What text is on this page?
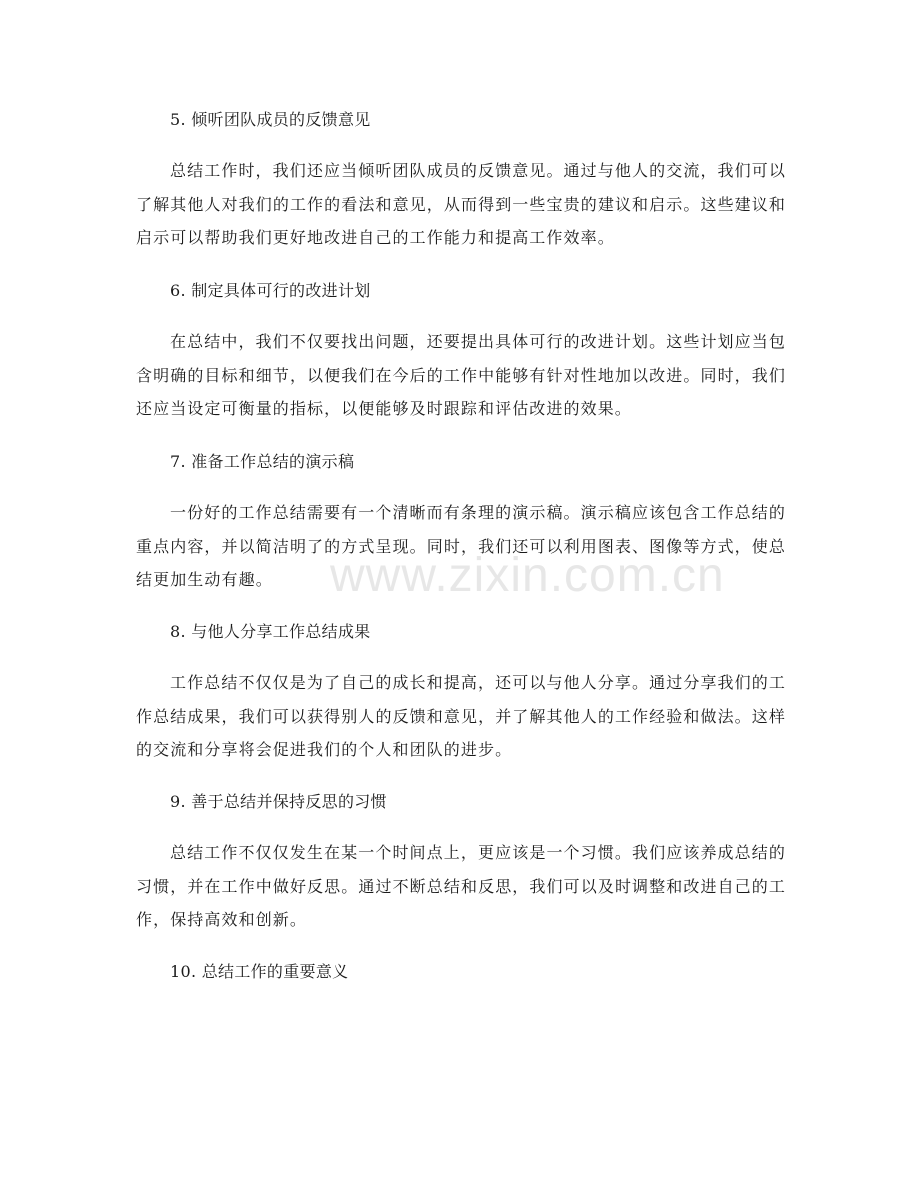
5. 倾听团队成员的反馈意见

总结工作时，我们还应当倾听团队成员的反馈意见。通过与他人的交流，我们可以了解其他人对我们的工作的看法和意见，从而得到一些宝贵的建议和启示。这些建议和启示可以帮助我们更好地改进自己的工作能力和提高工作效率。

6. 制定具体可行的改进计划

在总结中，我们不仅要找出问题，还要提出具体可行的改进计划。这些计划应当包含明确的目标和细节，以便我们在今后的工作中能够有针对性地加以改进。同时，我们还应当设定可衡量的指标，以便能够及时跟踪和评估改进的效果。

7. 准备工作总结的演示稿

一份好的工作总结需要有一个清晰而有条理的演示稿。演示稿应该包含工作总结的重点内容，并以简洁明了的方式呈现。同时，我们还可以利用图表、图像等方式，使总结更加生动有趣。

8. 与他人分享工作总结成果

工作总结不仅仅是为了自己的成长和提高，还可以与他人分享。通过分享我们的工作总结成果，我们可以获得别人的反馈和意见，并了解其他人的工作经验和做法。这样的交流和分享将会促进我们的个人和团队的进步。

9. 善于总结并保持反思的习惯

总结工作不仅仅发生在某一个时间点上，更应该是一个习惯。我们应该养成总结的习惯，并在工作中做好反思。通过不断总结和反思，我们可以及时调整和改进自己的工作，保持高效和创新。

10. 总结工作的重要意义

www.zixin.com.cn
